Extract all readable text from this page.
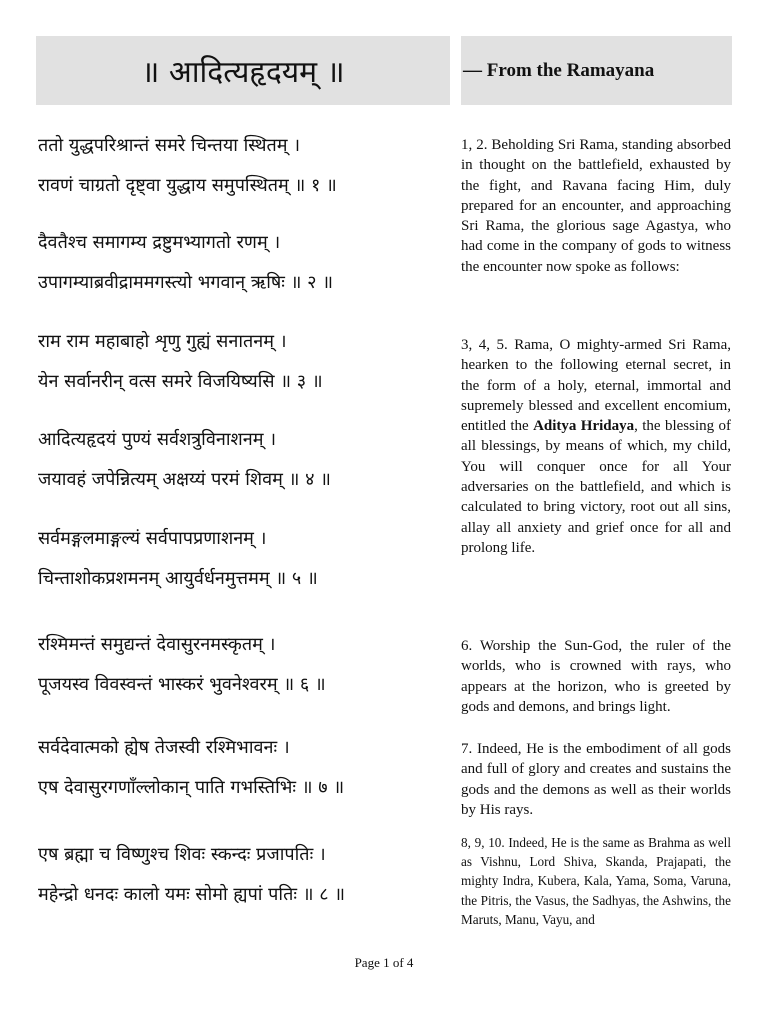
॥ आदित्यहृदयम् ॥	— From the Ramayana
ततो युद्धपरिश्रान्तं समरे चिन्तया स्थितम् ।
रावणं चाग्रतो दृष्ट्वा युद्धाय समुपस्थितम् ॥ १ ॥
दैवतैश्च समागम्य द्रष्टुमभ्यागतो रणम् ।
उपागम्याब्रवीद्राममगस्त्यो भगवान् ऋषिः ॥ २ ॥
राम राम महाबाहो शृणु गुह्यं सनातनम् ।
येन सर्वानरीन् वत्स समरे विजयिष्यसि ॥ ३ ॥
आदित्यहृदयं पुण्यं सर्वशत्रुविनाशनम् ।
जयावहं जपेन्नित्यम् अक्षय्यं परमं शिवम् ॥ ४ ॥
सर्वमङ्गलमाङ्गल्यं सर्वपापप्रणाशनम् ।
चिन्ताशोकप्रशमनम् आयुर्वर्धनमुत्तमम् ॥ ५ ॥
रश्मिमन्तं समुद्यन्तं देवासुरनमस्कृतम् ।
पूजयस्व विवस्वन्तं भास्करं भुवनेश्वरम् ॥ ६ ॥
सर्वदेवात्मको ह्येष तेजस्वी रश्मिभावनः ।
एष देवासुरगणाँल्लोकान् पाति गभस्तिभिः ॥ ७ ॥
एष ब्रह्मा च विष्णुश्च शिवः स्कन्दः प्रजापतिः ।
महेन्द्रो धनदः कालो यमः सोमो ह्यपां पतिः ॥ ८ ॥
1, 2. Beholding Sri Rama, standing absorbed in thought on the battlefield, exhausted by the fight, and Ravana facing Him, duly prepared for an encounter, and approaching Sri Rama, the glorious sage Agastya, who had come in the company of gods to witness the encounter now spoke as follows:
3, 4, 5. Rama, O mighty-armed Sri Rama, hearken to the following eternal secret, in the form of a holy, eternal, immortal and supremely blessed and excellent encomium, entitled the Aditya Hridaya, the blessing of all blessings, by means of which, my child, You will conquer once for all Your adversaries on the battlefield, and which is calculated to bring victory, root out all sins, allay all anxiety and grief once for all and prolong life.
6. Worship the Sun-God, the ruler of the worlds, who is crowned with rays, who appears at the horizon, who is greeted by gods and demons, and brings light.
7. Indeed, He is the embodiment of all gods and full of glory and creates and sustains the gods and the demons as well as their worlds by His rays.
8, 9, 10. Indeed, He is the same as Brahma as well as Vishnu, Lord Shiva, Skanda, Prajapati, the mighty Indra, Kubera, Kala, Yama, Soma, Varuna, the Pitris, the Vasus, the Sadhyas, the Ashwins, the Maruts, Manu, Vayu, and
Page 1 of 4
